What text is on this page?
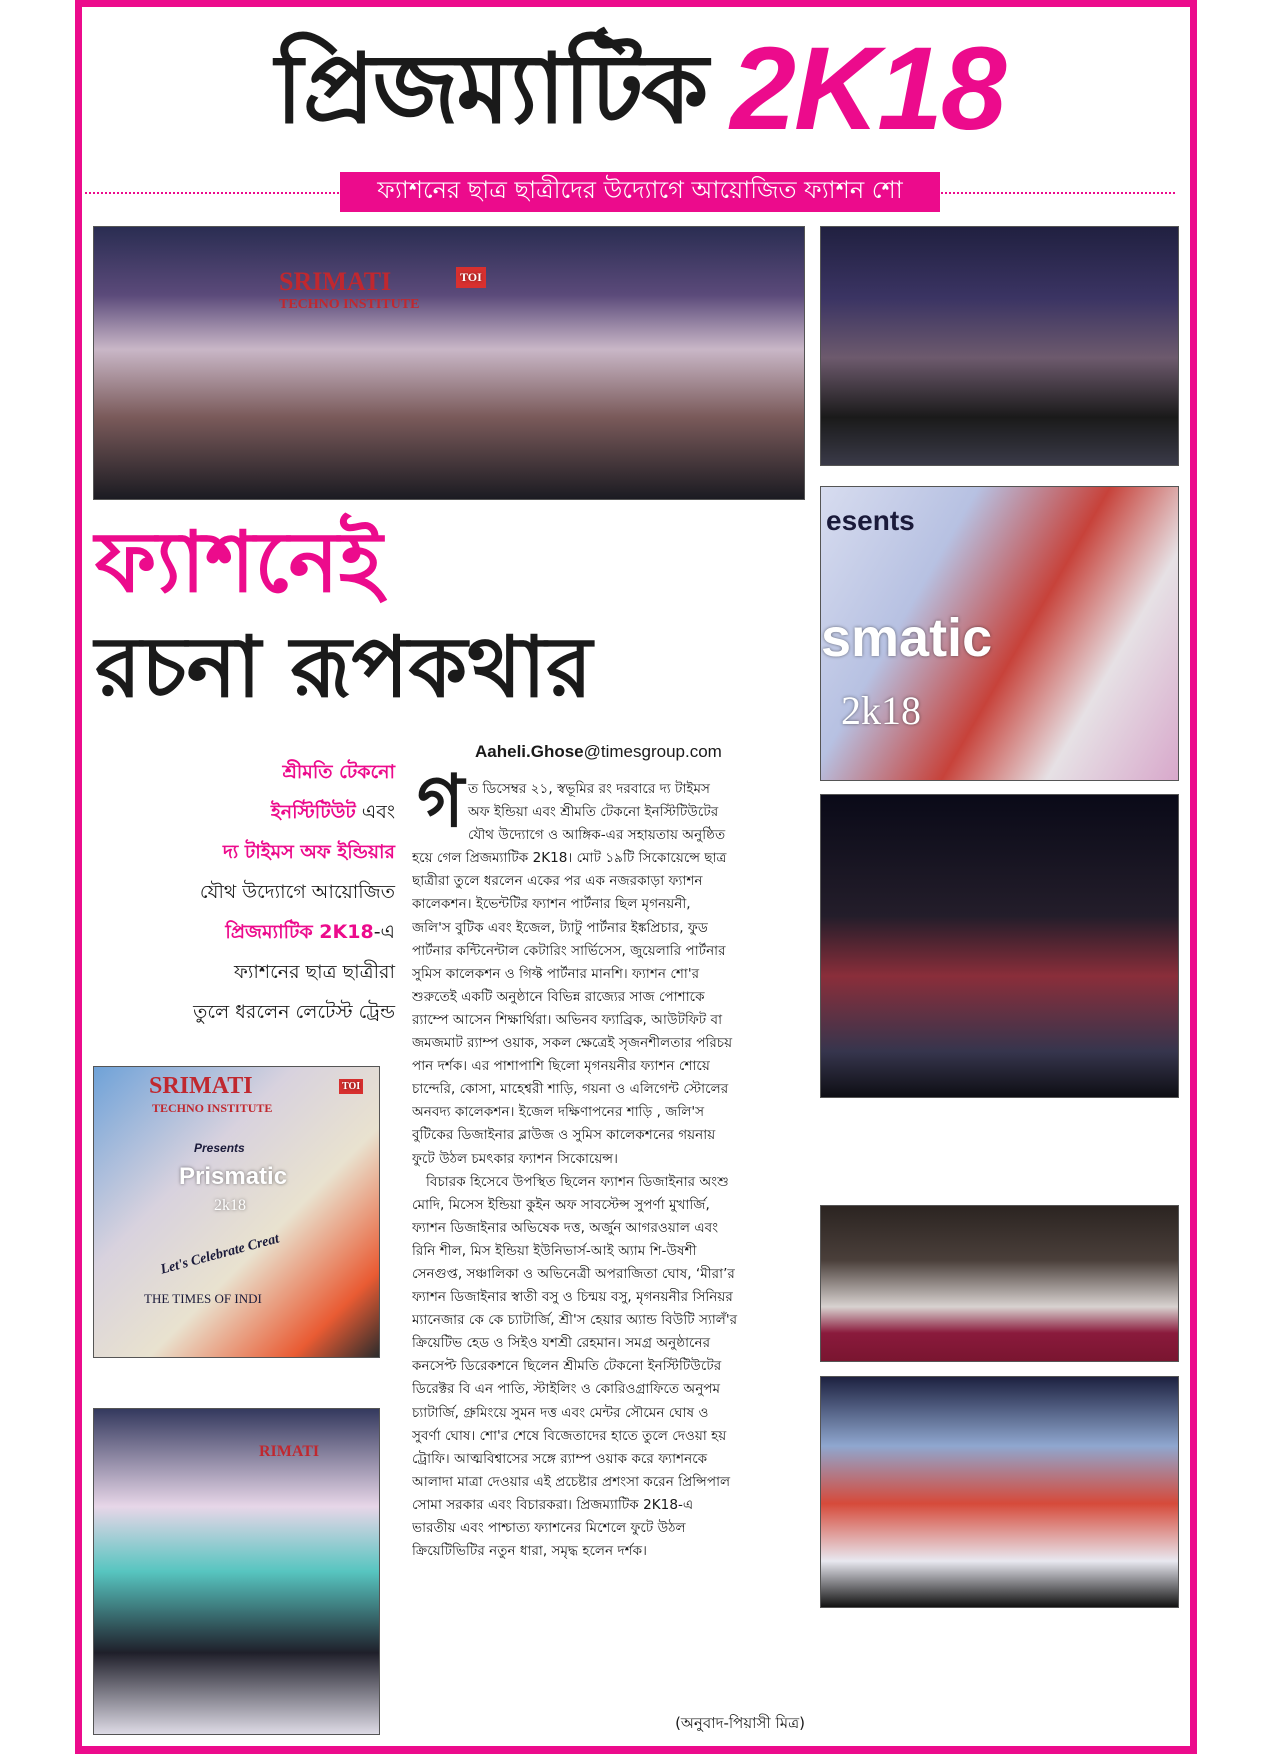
প্রিজম্যাটিক 2K18
ফ্যাশনের ছাত্র ছাত্রীদের উদ্যোগে আয়োজিত ফ্যাশন শো
SRIMATI
TECHNO INSTITUTE
TOI
esents
smatic
2k18
SRIMATI
TECHNO INSTITUTE
TOI
Presents
Prismatic
2k18
Let's Celebrate Creat
THE TIMES OF INDI
RIMATI
ফ্যাশনেই
রচনা রূপকথার
Aaheli.Ghose@timesgroup.com
শ্রীমতি টেকনো
ইনস্টিটিউট এবং
দ্য টাইমস অফ ইন্ডিয়ার
যৌথ উদ্যোগে আয়োজিত
প্রিজম্যাটিক 2K18-এ
ফ্যাশনের ছাত্র ছাত্রীরা
তুলে ধরলেন লেটেস্ট ট্রেন্ড
গ ত ডিসেম্বর ২১, স্বভূমির রং দরবারে দ্য টাইমস
অফ ইন্ডিয়া এবং শ্রীমতি টেকনো ইনস্টিটিউটের
যৌথ উদ্যোগে ও আঙ্গিক-এর সহায়তায় অনুষ্ঠিত
হয়ে গেল প্রিজম্যাটিক 2K18। মোট ১৯টি সিকোয়েন্সে ছাত্র
ছাত্রীরা তুলে ধরলেন একের পর এক নজরকাড়া ফ্যাশন
কালেকশন। ইভেন্টটির ফ্যাশন পার্টনার ছিল মৃগনয়নী,
জলি'স বুটিক এবং ইজেল, ট্যাটু পার্টনার ইঙ্কপ্রিচার, ফুড
পার্টনার কন্টিনেন্টাল কেটারিং সার্ভিসেস, জুয়েলারি পার্টনার
সুমিস কালেকশন ও গিফ্ট পার্টনার মানশি। ফ্যাশন শো'র
শুরুতেই একটি অনুষ্ঠানে বিভিন্ন রাজ্যের সাজ পোশাকে
র‍্যাম্পে আসেন শিক্ষার্থিরা। অভিনব ফ্যাব্রিক, আউটফিট বা
জমজমাট র‍্যাম্প ওয়াক, সকল ক্ষেত্রেই সৃজনশীলতার পরিচয়
পান দর্শক। এর পাশাপাশি ছিলো মৃগনয়নীর ফ্যাশন শোয়ে
চান্দেরি, কোসা, মাহেশ্বরী শাড়ি, গয়না ও এলিগেন্ট স্টোলের
অনবদ্য কালেকশন। ইজেল দক্ষিণাপনের শাড়ি , জলি'স
বুটিকের ডিজাইনার ব্লাউজ ও সুমিস কালেকশনের গয়নায়
ফুটে উঠল চমৎকার ফ্যাশন সিকোয়েন্স।
বিচারক হিসেবে উপস্থিত ছিলেন ফ্যাশন ডিজাইনার অংশু
মোদি, মিসেস ইন্ডিয়া কুইন অফ সাবস্টেন্স সুপর্ণা মুখার্জি,
ফ্যাশন ডিজাইনার অভিষেক দত্ত, অর্জুন আগরওয়াল এবং
রিনি শীল, মিস ইন্ডিয়া ইউনিভার্স-আই অ্যাম শি-উষশী
সেনগুপ্ত, সঞ্চালিকা ও অভিনেত্রী অপরাজিতা ঘোষ, ‘মীরা’র
ফ্যাশন ডিজাইনার স্বাতী বসু ও চিন্ময় বসু, মৃগনয়নীর সিনিয়র
ম্যানেজার কে কে চ্যাটার্জি, শ্রী'স হেয়ার অ্যান্ড বিউটি স্যালঁ'র
ক্রিয়েটিভ হেড ও সিইও যশশ্রী রেহমান। সমগ্র অনুষ্ঠানের
কনসেপ্ট ডিরেকশনে ছিলেন শ্রীমতি টেকনো ইনস্টিটিউটের
ডিরেক্টর বি এন পাতি, স্টাইলিং ও কোরিওগ্রাফিতে অনুপম
চ্যাটার্জি, গ্রুমিংয়ে সুমন দত্ত এবং মেন্টর সৌমেন ঘোষ ও
সুবর্ণা ঘোষ। শো'র শেষে বিজেতাদের হাতে তুলে দেওয়া হয়
ট্রোফি। আত্মবিশ্বাসের সঙ্গে র‍্যাম্প ওয়াক করে ফ্যাশনকে
আলাদা মাত্রা দেওয়ার এই প্রচেষ্টার প্রশংসা করেন প্রিন্সিপাল
সোমা সরকার এবং বিচারকরা। প্রিজম্যাটিক 2K18-এ
ভারতীয় এবং পাশ্চাত্য ফ্যাশনের মিশেলে ফুটে উঠল
ক্রিয়েটিভিটির নতুন ধারা, সমৃদ্ধ হলেন দর্শক।
(অনুবাদ-পিয়াসী মিত্র)
